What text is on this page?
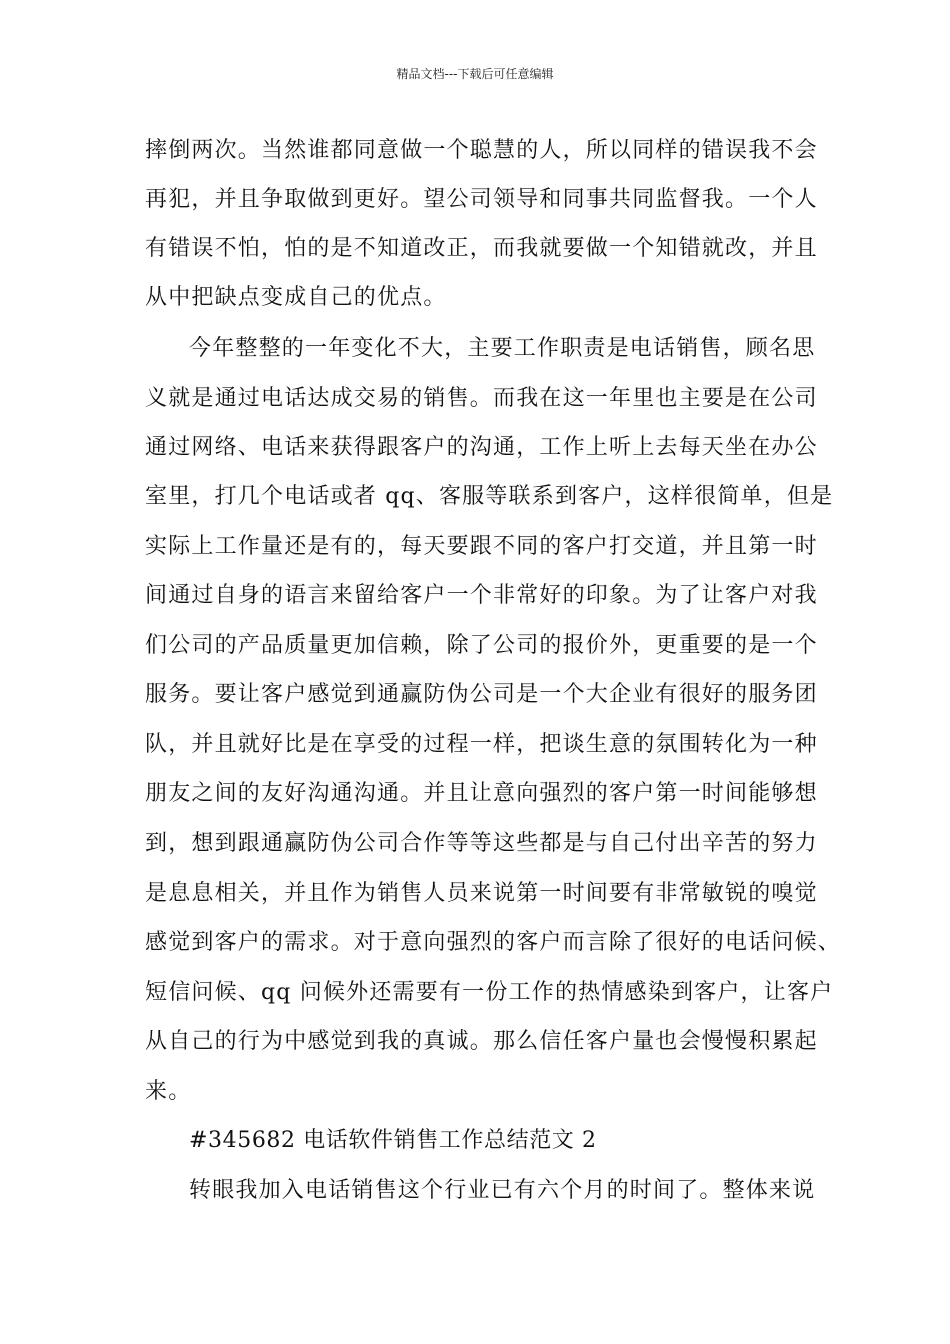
精品文档---下载后可任意编辑
摔倒两次。当然谁都同意做一个聪慧的人，所以同样的错误我不会
再犯，并且争取做到更好。望公司领导和同事共同监督我。一个人
有错误不怕，怕的是不知道改正，而我就要做一个知错就改，并且
从中把缺点变成自己的优点。
今年整整的一年变化不大，主要工作职责是电话销售，顾名思
义就是通过电话达成交易的销售。而我在这一年里也主要是在公司
通过网络、电话来获得跟客户的沟通，工作上听上去每天坐在办公
室里，打几个电话或者 qq、客服等联系到客户，这样很简单，但是
实际上工作量还是有的，每天要跟不同的客户打交道，并且第一时
间通过自身的语言来留给客户一个非常好的印象。为了让客户对我
们公司的产品质量更加信赖，除了公司的报价外，更重要的是一个
服务。要让客户感觉到通赢防伪公司是一个大企业有很好的服务团
队，并且就好比是在享受的过程一样，把谈生意的氛围转化为一种
朋友之间的友好沟通沟通。并且让意向强烈的客户第一时间能够想
到，想到跟通赢防伪公司合作等等这些都是与自己付出辛苦的努力
是息息相关，并且作为销售人员来说第一时间要有非常敏锐的嗅觉
感觉到客户的需求。对于意向强烈的客户而言除了很好的电话问候、
短信问候、qq 问候外还需要有一份工作的热情感染到客户，让客户
从自己的行为中感觉到我的真诚。那么信任客户量也会慢慢积累起
来。
#345682 电话软件销售工作总结范文 2
转眼我加入电话销售这个行业已有六个月的时间了。整体来说
